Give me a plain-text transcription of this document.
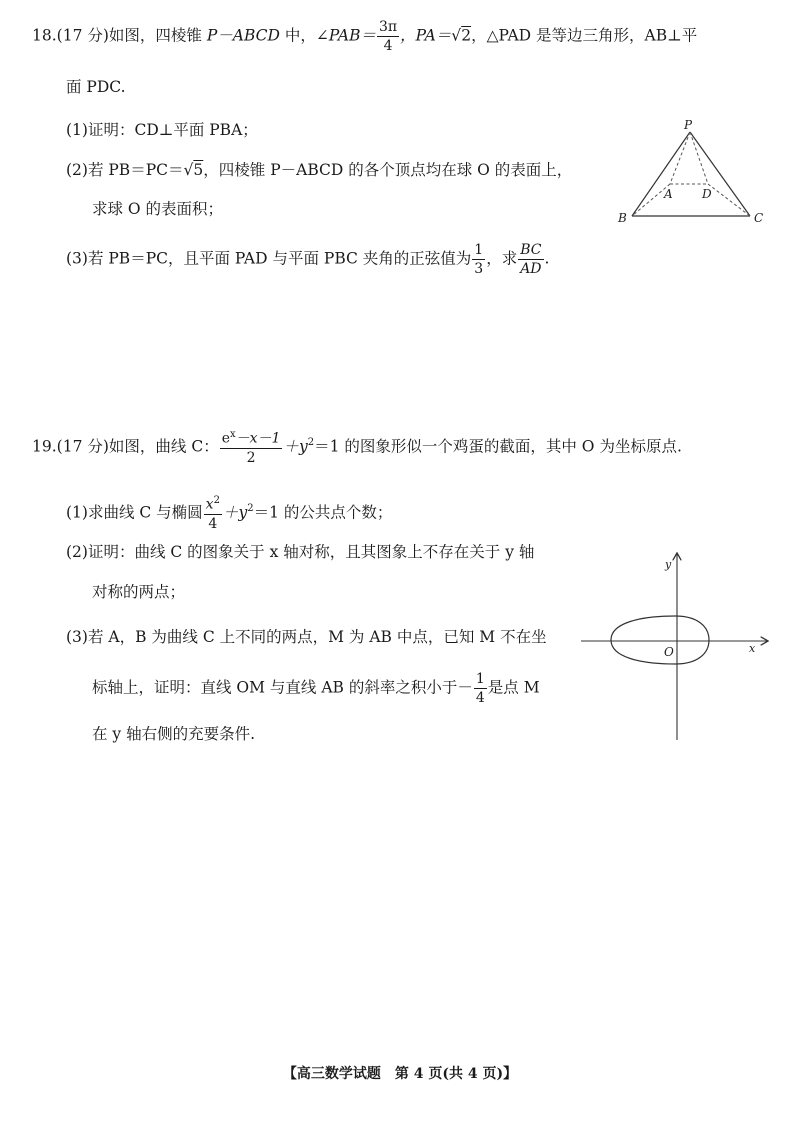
18.(17 分)如图，四棱锥 P－ABCD 中，∠PAB＝ $\frac{3\pi}{4}$ ，PA＝√2，△PAD 是等边三角形，AB⊥平
面 PDC.
(1)证明：CD⊥平面 PBA；
(2)若 PB＝PC＝√5，四棱锥 P－ABCD 的各个顶点均在球 O 的表面上，
求球 O 的表面积；
(3)若 PB＝PC，且平面 PAD 与平面 PBC 夹角的正弦值为 $\frac{1}{3}$ ，求 $\frac{BC}{AD}$ .
P
A D
B	C
19.(17 分)如图，曲线 C： $\frac{e^x-x-1}{2} +y^2=1$ 的图象形似一个鸡蛋的截面，其中 O 为坐标原点.
(1)求曲线 C 与椭圆 $\frac{x^2}{4} +y^2=1$ 的公共点个数；
(2)证明：曲线 C 的图象关于 x 轴对称，且其图象上不存在关于 y 轴
对称的两点；
(3)若 A，B 为曲线 C 上不同的两点，M 为 AB 中点，已知 M 不在坐
标轴上，证明：直线 OM 与直线 AB 的斜率之积小于－ $\frac{1}{4}$ 是点 M
在 y 轴右侧的充要条件.
y
x
O
【高三数学试题　第 4 页(共 4 页)】
